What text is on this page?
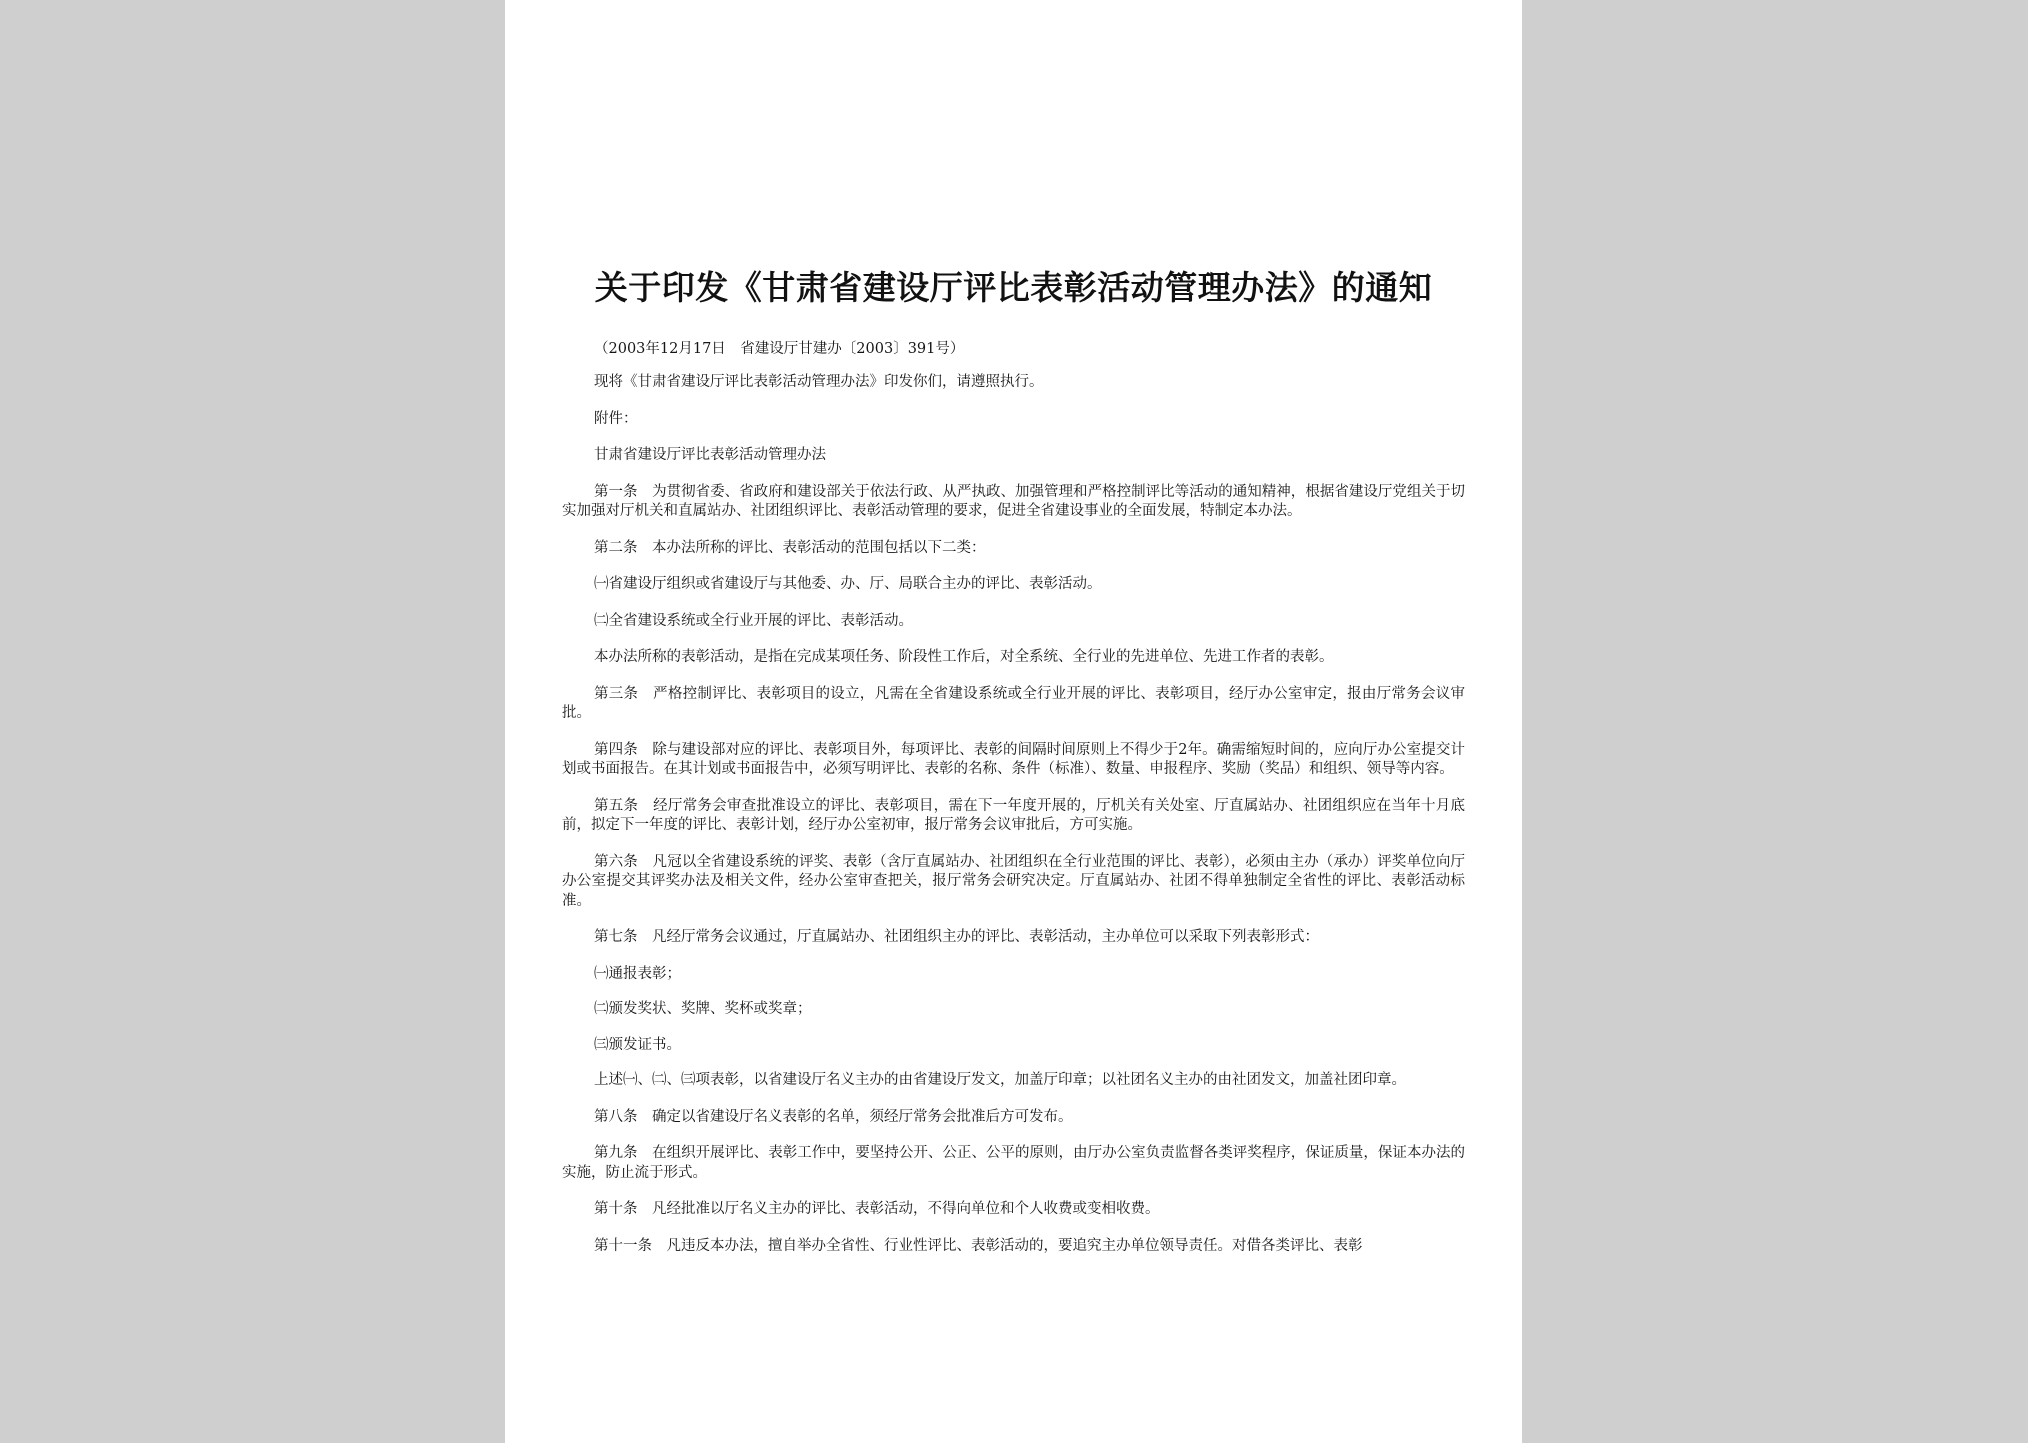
关于印发《甘肃省建设厅评比表彰活动管理办法》的通知
（2003年12月17日　省建设厅甘建办〔2003〕391号）

现将《甘肃省建设厅评比表彰活动管理办法》印发你们，请遵照执行。

附件：

甘肃省建设厅评比表彰活动管理办法

第一条　为贯彻省委、省政府和建设部关于依法行政、从严执政、加强管理和严格控制评比等活动的通知精神，根据省建设厅党组关于切实加强对厅机关和直属站办、社团组织评比、表彰活动管理的要求，促进全省建设事业的全面发展，特制定本办法。

第二条　本办法所称的评比、表彰活动的范围包括以下二类：

㈠省建设厅组织或省建设厅与其他委、办、厅、局联合主办的评比、表彰活动。

㈡全省建设系统或全行业开展的评比、表彰活动。

本办法所称的表彰活动，是指在完成某项任务、阶段性工作后，对全系统、全行业的先进单位、先进工作者的表彰。

第三条　严格控制评比、表彰项目的设立，凡需在全省建设系统或全行业开展的评比、表彰项目，经厅办公室审定，报由厅常务会议审批。

第四条　除与建设部对应的评比、表彰项目外，每项评比、表彰的间隔时间原则上不得少于2年。确需缩短时间的，应向厅办公室提交计划或书面报告。在其计划或书面报告中，必须写明评比、表彰的名称、条件（标准）、数量、申报程序、奖励（奖品）和组织、领导等内容。

第五条　经厅常务会审查批准设立的评比、表彰项目，需在下一年度开展的，厅机关有关处室、厅直属站办、社团组织应在当年十月底前，拟定下一年度的评比、表彰计划，经厅办公室初审，报厅常务会议审批后，方可实施。

第六条　凡冠以全省建设系统的评奖、表彰（含厅直属站办、社团组织在全行业范围的评比、表彰），必须由主办（承办）评奖单位向厅办公室提交其评奖办法及相关文件，经办公室审查把关，报厅常务会研究决定。厅直属站办、社团不得单独制定全省性的评比、表彰活动标准。

第七条　凡经厅常务会议通过，厅直属站办、社团组织主办的评比、表彰活动，主办单位可以采取下列表彰形式：

㈠通报表彰；

㈡颁发奖状、奖牌、奖杯或奖章；

㈢颁发证书。

上述㈠、㈡、㈢项表彰，以省建设厅名义主办的由省建设厅发文，加盖厅印章；以社团名义主办的由社团发文，加盖社团印章。

第八条　确定以省建设厅名义表彰的名单，须经厅常务会批准后方可发布。

第九条　在组织开展评比、表彰工作中，要坚持公开、公正、公平的原则，由厅办公室负责监督各类评奖程序，保证质量，保证本办法的实施，防止流于形式。

第十条　凡经批准以厅名义主办的评比、表彰活动，不得向单位和个人收费或变相收费。

第十一条　凡违反本办法，擅自举办全省性、行业性评比、表彰活动的，要追究主办单位领导责任。对借各类评比、表彰
